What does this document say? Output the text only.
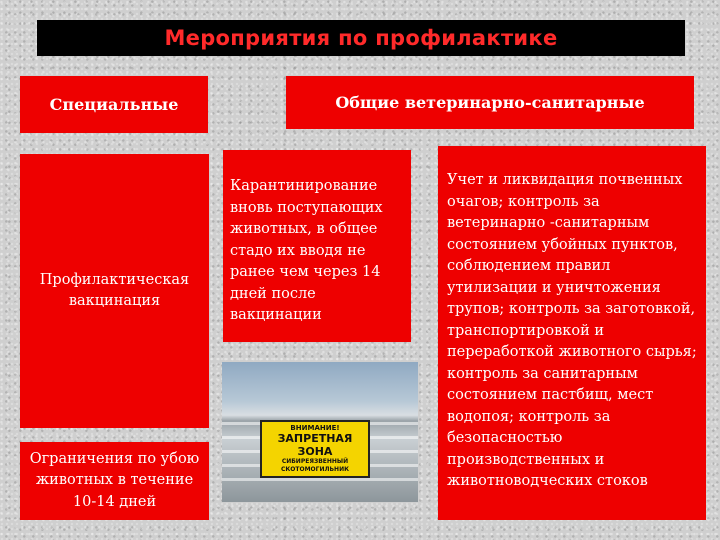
Мероприятия по профилактике
Специальные	Общие ветеринарно-санитарные
Профилактическая вакцинация
Ограничения по убою животных в течение 10-14 дней
Карантинирование вновь поступающих животных, в общее стадо их вводя не ранее чем через 14 дней после вакцинации
ВНИМАНИЕ!
ЗАПРЕТНАЯ ЗОНА
СИБИРЕЯЗВЕННЫЙ СКОТОМОГИЛЬНИК
Учет и ликвидация почвенных очагов; контроль за ветеринарно -санитарным состоянием убойных пунктов, соблюдением правил утилизации и уничтожения трупов; контроль за заготовкой, транспортировкой и переработкой животного сырья; контроль за санитарным состоянием пастбищ, мест водопоя; контроль за безопасностью производственных и животноводческих стоков
